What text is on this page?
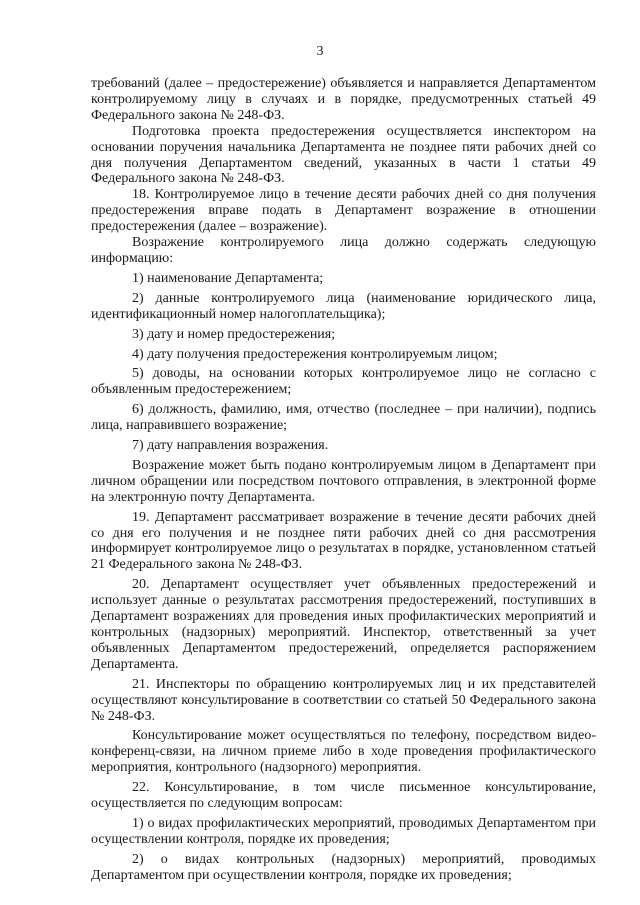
3

требований (далее – предостережение) объявляется и направляется Департаментом контролируемому лицу в случаях и в порядке, предусмотренных статьей 49 Федерального закона № 248-ФЗ.

Подготовка проекта предостережения осуществляется инспектором на основании поручения начальника Департамента не позднее пяти рабочих дней со дня получения Департаментом сведений, указанных в части 1 статьи 49 Федерального закона № 248-ФЗ.

18. Контролируемое лицо в течение десяти рабочих дней со дня получения предостережения вправе подать в Департамент возражение в отношении предостережения (далее – возражение).

Возражение контролируемого лица должно содержать следующую информацию:

1) наименование Департамента;

2) данные контролируемого лица (наименование юридического лица, идентификационный номер налогоплательщика);

3) дату и номер предостережения;

4) дату получения предостережения контролируемым лицом;

5) доводы, на основании которых контролируемое лицо не согласно с объявленным предостережением;

6) должность, фамилию, имя, отчество (последнее – при наличии), подпись лица, направившего возражение;

7) дату направления возражения.

Возражение может быть подано контролируемым лицом в Департамент при личном обращении или посредством почтового отправления, в электронной форме на электронную почту Департамента.

19. Департамент рассматривает возражение в течение десяти рабочих дней со дня его получения и не позднее пяти рабочих дней со дня рассмотрения информирует контролируемое лицо о результатах в порядке, установленном статьей 21 Федерального закона № 248-ФЗ.

20. Департамент осуществляет учет объявленных предостережений и использует данные о результатах рассмотрения предостережений, поступивших в Департамент возражениях для проведения иных профилактических мероприятий и контрольных (надзорных) мероприятий. Инспектор, ответственный за учет объявленных Департаментом предостережений, определяется распоряжением Департамента.

21. Инспекторы по обращению контролируемых лиц и их представителей осуществляют консультирование в соответствии со статьей 50 Федерального закона № 248-ФЗ.

Консультирование может осуществляться по телефону, посредством видео-конференц-связи, на личном приеме либо в ходе проведения профилактического мероприятия, контрольного (надзорного) мероприятия.

22. Консультирование, в том числе письменное консультирование, осуществляется по следующим вопросам:

1) о видах профилактических мероприятий, проводимых Департаментом при осуществлении контроля, порядке их проведения;

2) о видах контрольных (надзорных) мероприятий, проводимых Департаментом при осуществлении контроля, порядке их проведения;
